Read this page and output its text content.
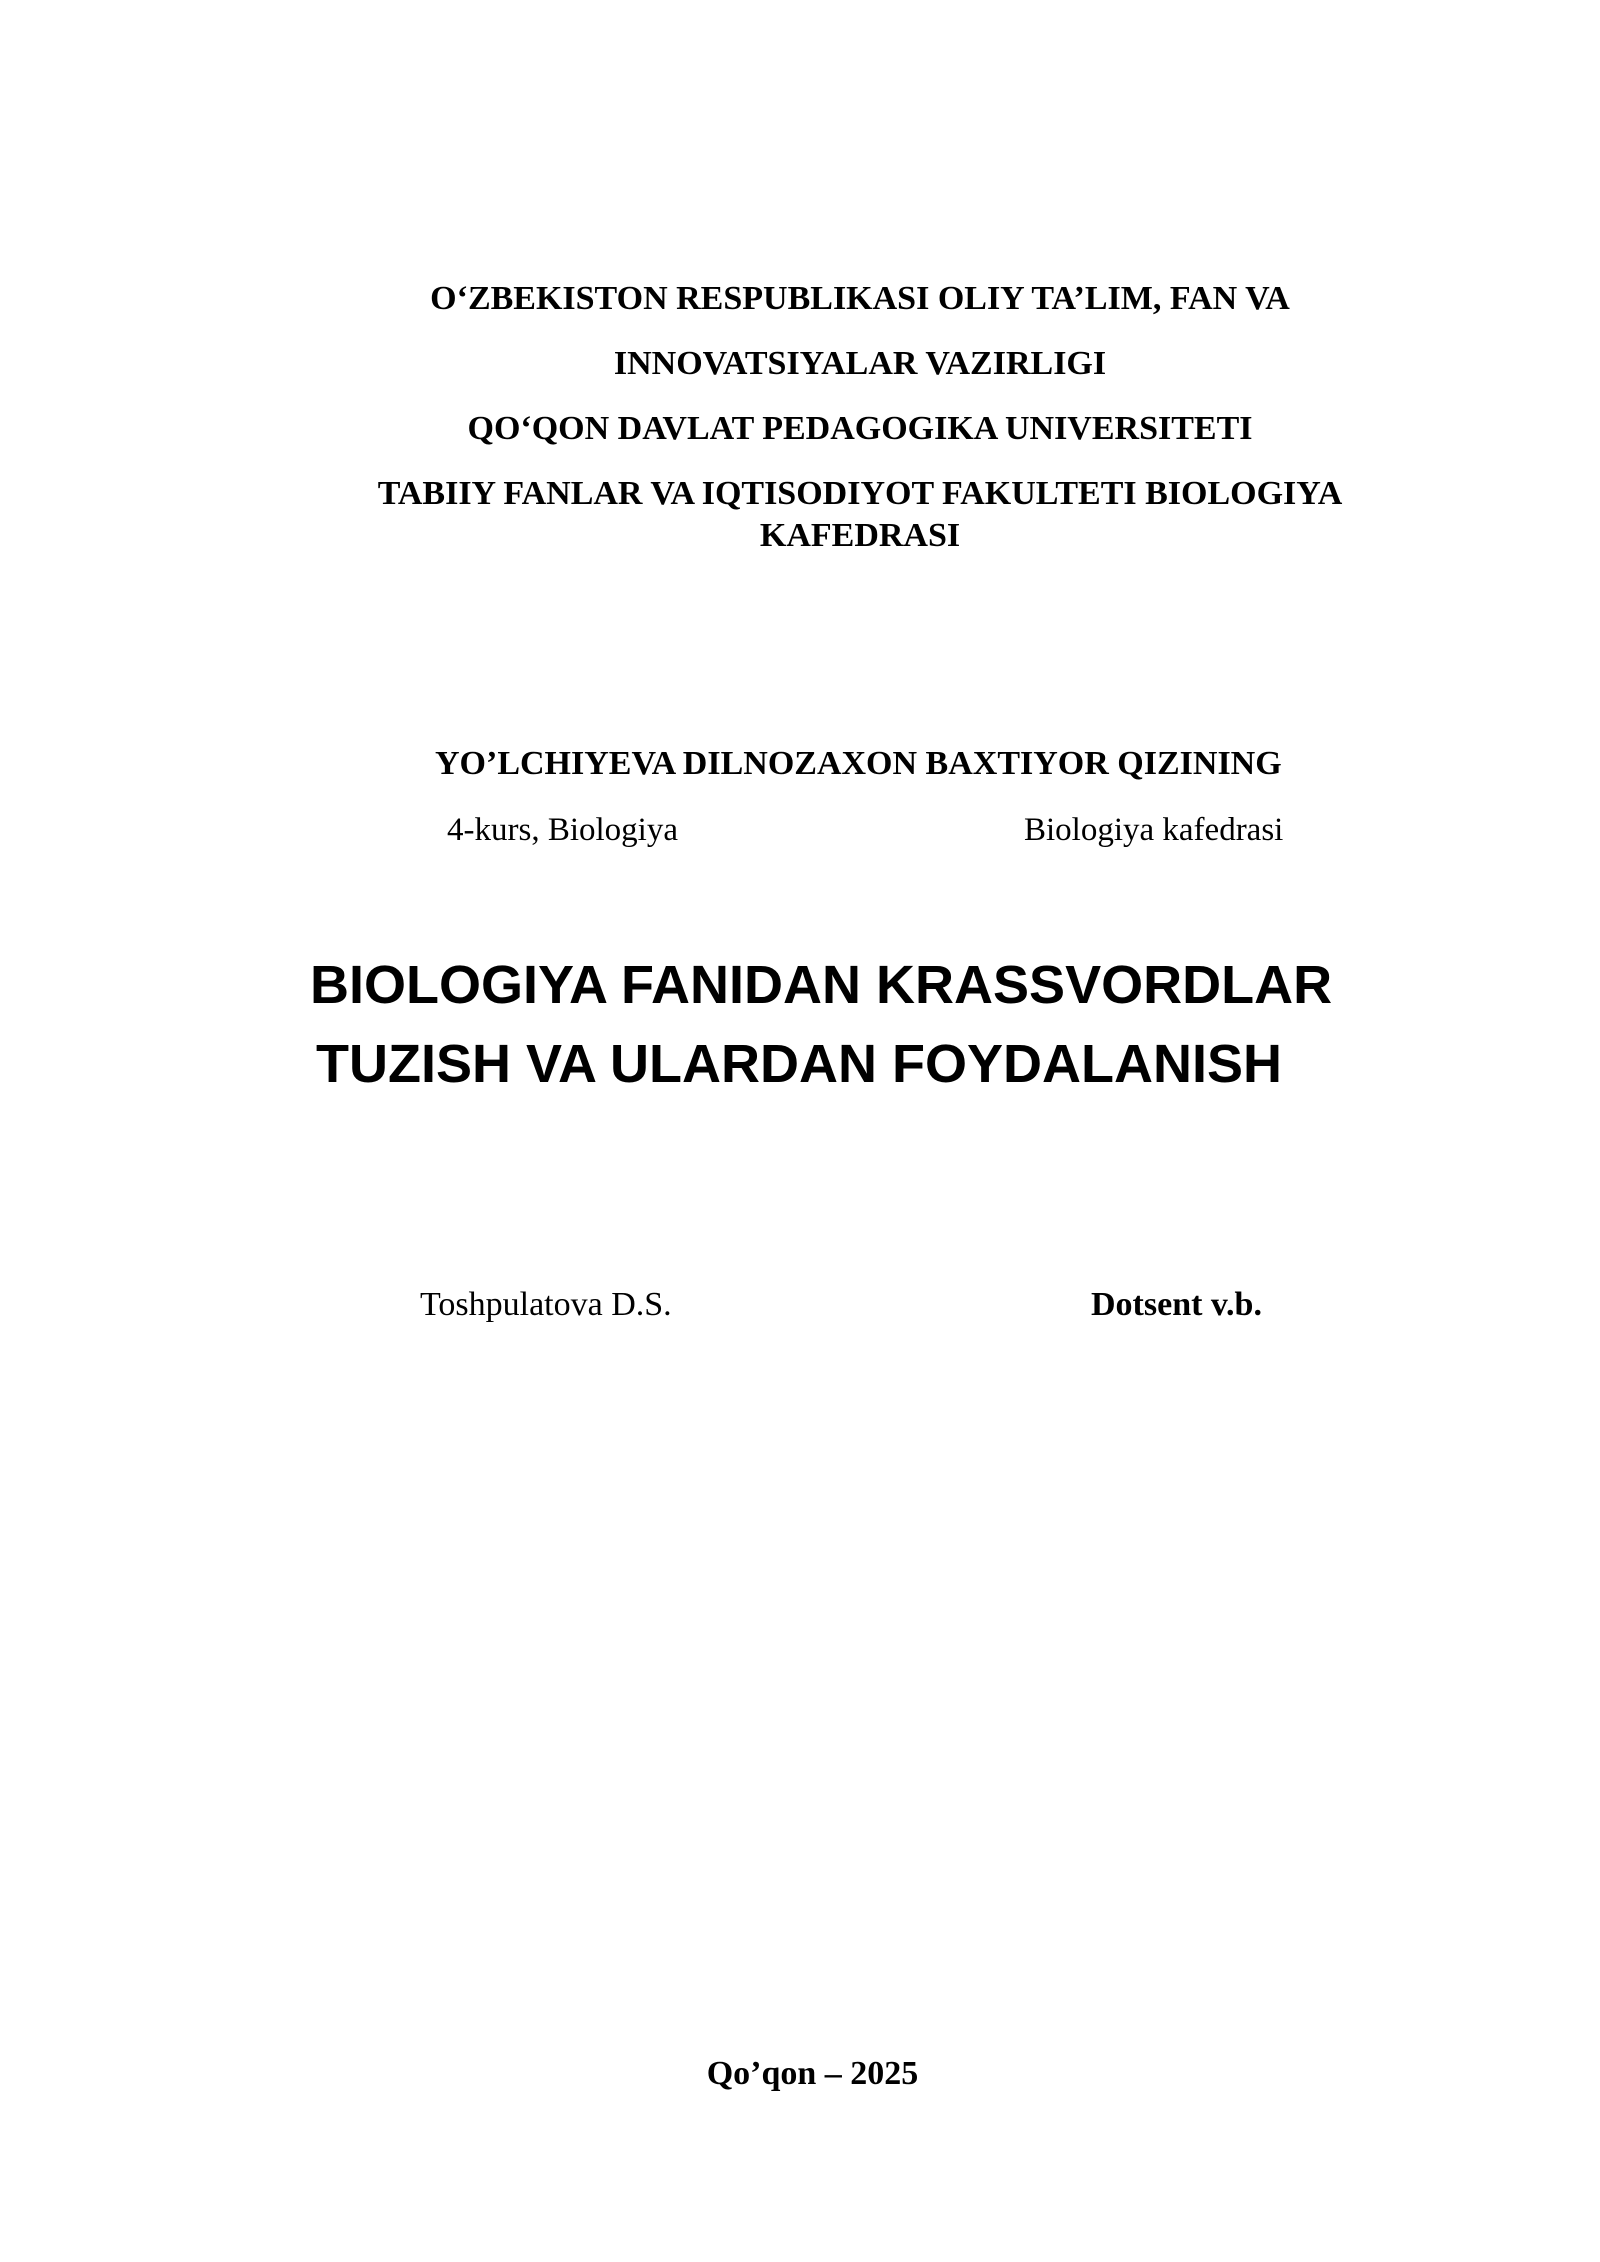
O‘ZBEKISTON RESPUBLIKASI OLIY TA’LIM, FAN VA
INNOVATSIYALAR VAZIRLIGI
QO‘QON DAVLAT PEDAGOGIKA UNIVERSITETI
TABIIY FANLAR VA IQTISODIYOT FAKULTETI BIOLOGIYA
KAFEDRASI
YO’LCHIYEVA DILNOZAXON BAXTIYOR QIZINING
4-kurs, Biologiya	Biologiya kafedrasi
BIOLOGIYA FANIDAN KRASSVORDLAR
TUZISH VA ULARDAN FOYDALANISH
Toshpulatova D.S.	Dotsent v.b.
Qo’qon – 2025
